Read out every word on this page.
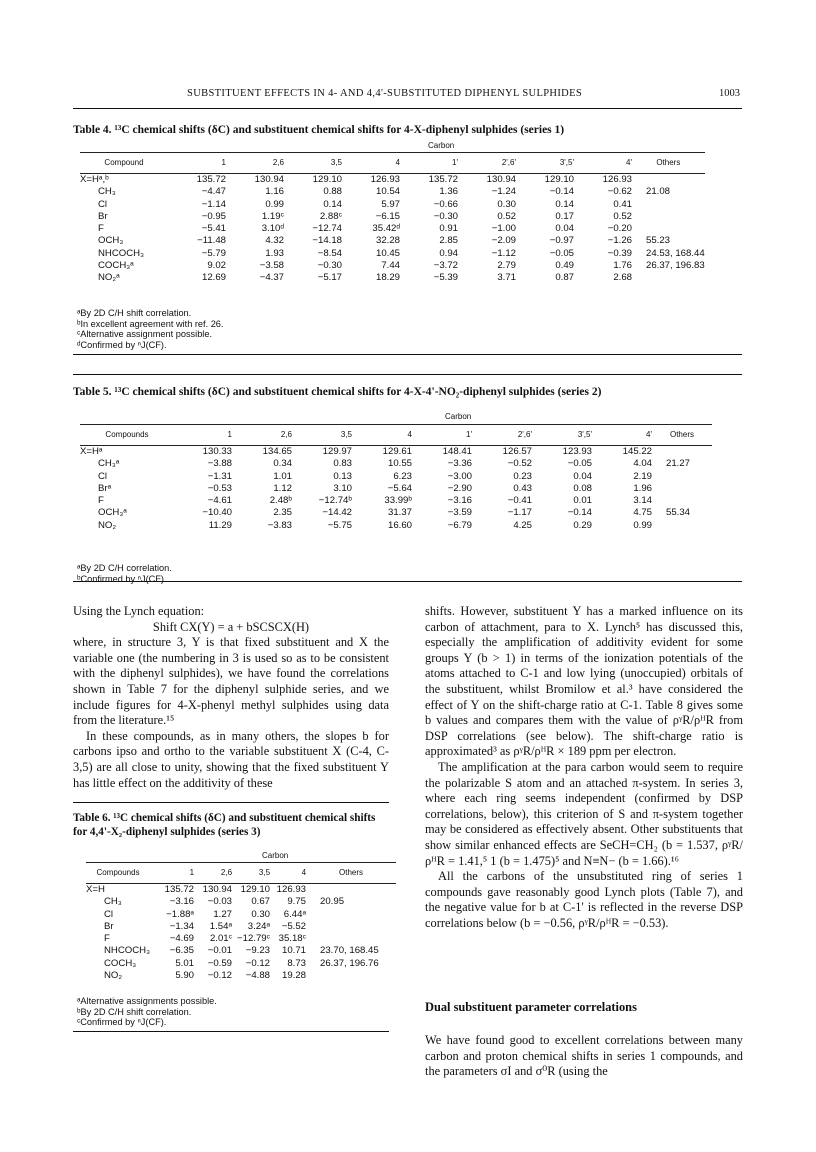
SUBSTITUENT EFFECTS IN 4- AND 4,4'-SUBSTITUTED DIPHENYL SULPHIDES	1003
Table 4. ¹³C chemical shifts (δC) and substituent chemical shifts for 4-X-diphenyl sulphides (series 1)
Carbon
Compound	1	2,6	3,5	4	1'	2',6'	3',5'	4'	Others
X=Hᵃ,ᵇ	135.72	130.94	129.10	126.93	135.72	130.94	129.10	126.93	
CH₃	−4.47	1.16	0.88	10.54	1.36	−1.24	−0.14	−0.62	21.08
Cl	−1.14	0.99	0.14	5.97	−0.66	0.30	0.14	0.41	
Br	−0.95	1.19ᶜ	2.88ᶜ	−6.15	−0.30	0.52	0.17	0.52	
F	−5.41	3.10ᵈ	−12.74	35.42ᵈ	0.91	−1.00	0.04	−0.20	
OCH₃	−11.48	4.32	−14.18	32.28	2.85	−2.09	−0.97	−1.26	55.23
NHCOCH₃	−5.79	1.93	−8.54	10.45	0.94	−1.12	−0.05	−0.39	24.53, 168.44
COCH₃ᵃ	9.02	−3.58	−0.30	7.44	−3.72	2.79	0.49	1.76	26.37, 196.83
NO₂ᵃ	12.69	−4.37	−5.17	18.29	−5.39	3.71	0.87	2.68	
ᵃBy 2D C/H shift correlation.
ᵇIn excellent agreement with ref. 26.
ᶜAlternative assignment possible.
ᵈConfirmed by ⁿJ(CF).
Table 5. ¹³C chemical shifts (δC) and substituent chemical shifts for 4-X-4'-NO₂-diphenyl sulphides (series 2)
Carbon
Compounds	1	2,6	3,5	4	1'	2',6'	3',5'	4'	Others
X=Hᵃ	130.33	134.65	129.97	129.61	148.41	126.57	123.93	145.22	
CH₃ᵃ	−3.88	0.34	0.83	10.55	−3.36	−0.52	−0.05	4.04	21.27
Cl	−1.31	1.01	0.13	6.23	−3.00	0.23	0.04	2.19	
Brᵃ	−0.53	1.12	3.10	−5.64	−2.90	0.43	0.08	1.96	
F	−4.61	2.48ᵇ	−12.74ᵇ	33.99ᵇ	−3.16	−0.41	0.01	3.14	
OCH₃ᵃ	−10.40	2.35	−14.42	31.37	−3.59	−1.17	−0.14	4.75	55.34
NO₂	11.29	−3.83	−5.75	16.60	−6.79	4.25	0.29	0.99	
ᵃBy 2D C/H correlation.
ᵇConfirmed by ⁿJ(CF).

Using the Lynch equation:

Shift CX(Y) = a + bSCSCX(H)

where, in structure 3, Y is that fixed substituent and X the variable one (the numbering in 3 is used so as to be consistent with the diphenyl sulphides), we have found the correlations shown in Table 7 for the diphenyl sulphide series, and we include figures for 4-X-phenyl methyl sulphides using data from the literature.¹⁵

In these compounds, as in many others, the slopes b for carbons ipso and ortho to the variable substituent X (C-4, C-3,5) are all close to unity, showing that the fixed substituent Y has little effect on the additivity of these

Table 6. ¹³C chemical shifts (δC) and substituent chemical shifts for 4,4'-X₂-diphenyl sulphides (series 3)
Carbon
Compounds	1	2,6	3,5	4	Others
X=H	135.72	130.94	129.10	126.93	
CH₃	−3.16	−0.03	0.67	9.75	20.95
Cl	−1.88ᵃ	1.27	0.30	6.44ᵃ	
Br	−1.34	1.54ᵃ	3.24ᵃ	−5.52	
F	−4.69	2.01ᶜ	−12.79ᶜ	35.18ᶜ	
NHCOCH₃	−6.35	−0.01	−9.23	10.71	23.70, 168.45
COCH₃	5.01	−0.59	−0.12	8.73	26.37, 196.76
NO₂	5.90	−0.12	−4.88	19.28	
ᵃAlternative assignments possible.
ᵇBy 2D C/H shift correlation.
ᶜConfirmed by ⁿJ(CF).

shifts. However, substituent Y has a marked influence on its carbon of attachment, para to X. Lynch⁵ has discussed this, especially the amplification of additivity evident for some groups Y (b > 1) in terms of the ionization potentials of the atoms attached to C-1 and low lying (unoccupied) orbitals of the substituent, whilst Bromilow et al.³ have considered the effect of Y on the shift-charge ratio at C-1. Table 8 gives some b values and compares them with the value of ρᵞR/ρᴴR from DSP correlations (see below). The shift-charge ratio is approximated³ as ρᵞR/ρᴴR × 189 ppm per electron.

The amplification at the para carbon would seem to require the polarizable S atom and an attached π-system. In series 3, where each ring seems independent (confirmed by DSP correlations, below), this criterion of S and π-system together may be considered as effectively absent. Other substituents that show similar enhanced effects are SeCH=CH₂ (b = 1.537, ρᵞR/ρᴴR = 1.41,⁵ 1 (b = 1.475)⁵ and N≡N− (b = 1.66).¹⁶

All the carbons of the unsubstituted ring of series 1 compounds gave reasonably good Lynch plots (Table 7), and the negative value for b at C-1' is reflected in the reverse DSP correlations below (b = −0.56, ρᵞR/ρᴴR = −0.53).

Dual substituent parameter correlations

We have found good to excellent correlations between many carbon and proton chemical shifts in series 1 compounds, and the parameters σI and σ⁰R (using the
